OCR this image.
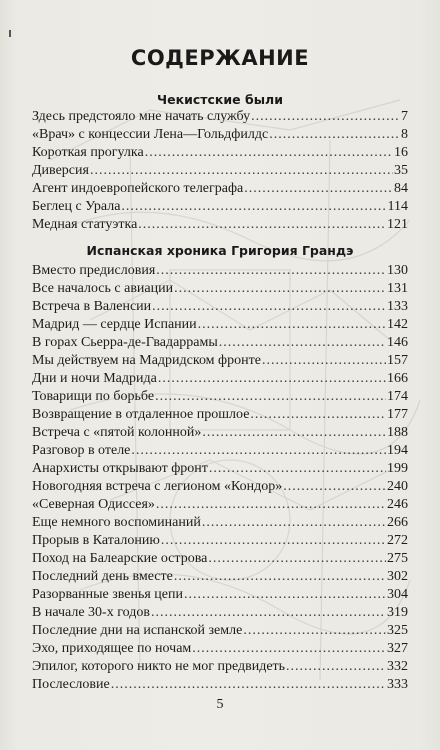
СОДЕРЖАНИЕ
Чекистские были
Здесь предстояло мне начать службу .....	7
«Врач» с концессии Лена—Гольдфилдс .....	8
Короткая прогулка .....	16
Диверсия .....	35
Агент индоевропейского телеграфа .....	84
Беглец с Урала .....	114
Медная статуэтка .....	121
Испанская хроника Григория Грандэ
Вместо предисловия .....	130
Все началось с авиации .....	131
Встреча в Валенсии .....	133
Мадрид — сердце Испании .....	142
В горах Сьерра-де-Гвадаррамы .....	146
Мы действуем на Мадридском фронте .....	157
Дни и ночи Мадрида .....	166
Товарищи по борьбе .....	174
Возвращение в отдаленное прошлое .....	177
Встреча с «пятой колонной» .....	188
Разговор в отеле .....	194
Анархисты открывают фронт .....	199
Новогодняя встреча с легионом «Кондор» .....	240
«Северная Одиссея» .....	246
Еще немного воспоминаний .....	266
Прорыв в Каталонию .....	272
Поход на Балеарские острова .....	275
Последний день вместе .....	302
Разорванные звенья цепи .....	304
В начале 30-х годов .....	319
Последние дни на испанской земле .....	325
Эхо, приходящее по ночам .....	327
Эпилог, которого никто не мог предвидеть .....	332
Послесловие .....	333
5
